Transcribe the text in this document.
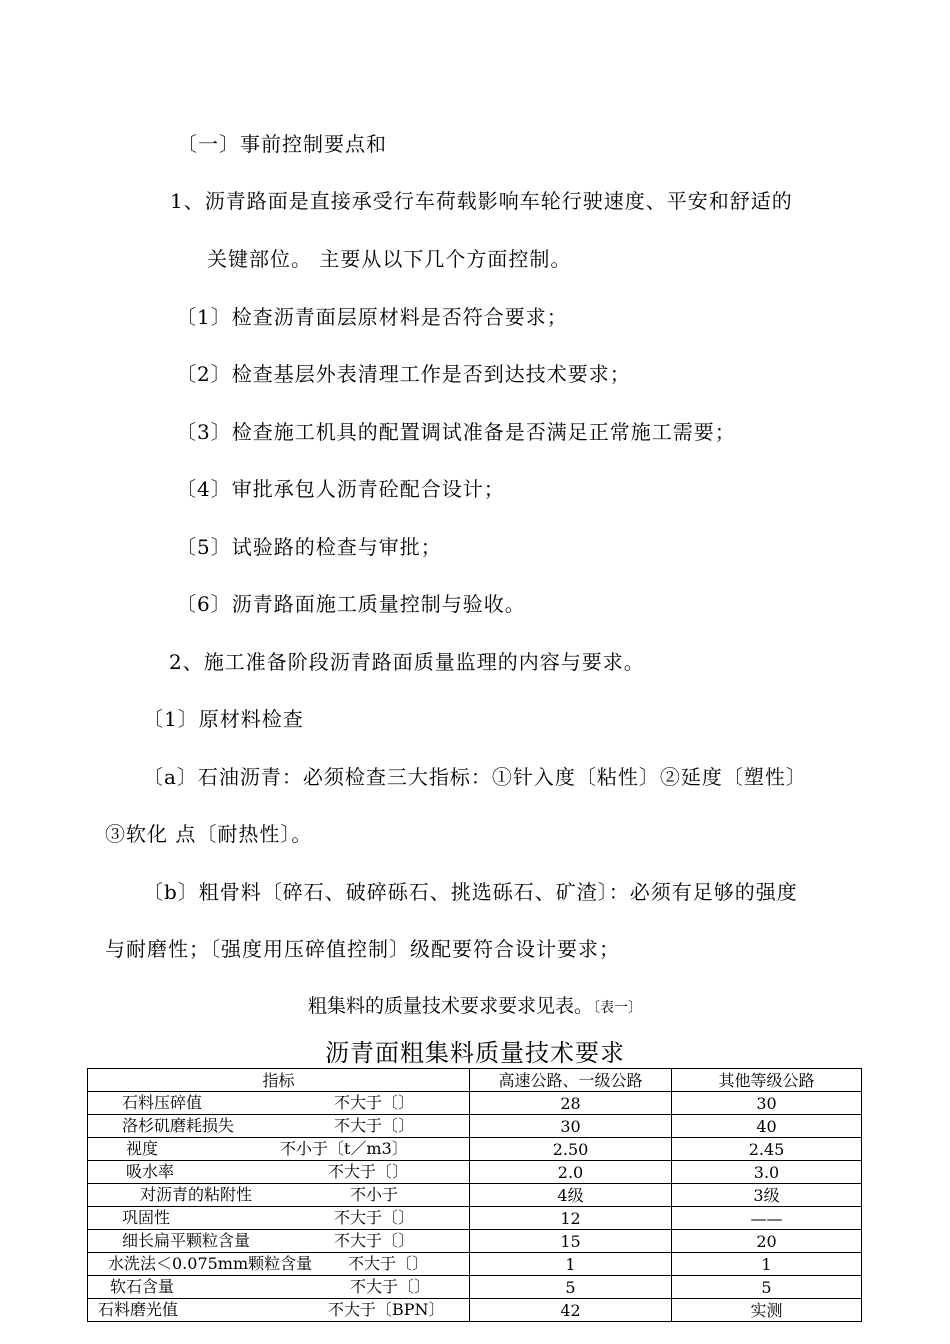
〔一〕事前控制要点和
1、沥青路面是直接承受行车荷载影响车轮行驶速度、平安和舒适的
关键部位。 主要从以下几个方面控制。
〔1〕检查沥青面层原材料是否符合要求；
〔2〕检查基层外表清理工作是否到达技术要求；
〔3〕检查施工机具的配置调试准备是否满足正常施工需要；
〔4〕审批承包人沥青砼配合设计；
〔5〕试验路的检查与审批；
〔6〕沥青路面施工质量控制与验收。
2、施工准备阶段沥青路面质量监理的内容与要求。
〔1〕原材料检查
〔a〕石油沥青：必须检查三大指标：①针入度〔粘性〕②延度〔塑性〕
③软化 点〔耐热性〕。
〔b〕粗骨料〔碎石、破碎砾石、挑选砾石、矿渣〕：必须有足够的强度
与耐磨性；〔强度用压碎值控制〕级配要符合设计要求；
粗集料的质量技术要求要求见表。〔表一〕
沥青面粗集料质量技术要求
指标	高速公路、一级公路	其他等级公路

石料压碎值 不大于〔〕	28	30

洛杉矶磨耗损失 不大于〔〕	30	40

视度 不小于〔t／m3〕	2.50	2.45

吸水率 不大于〔〕	2.0	3.0

对沥青的粘附性 不小于	4级	3级

巩固性 不大于〔〕	12	——

细长扁平颗粒含量 不大于〔〕	15	20

水洗法＜0.075mm颗粒含量 不大于〔〕	1	1

软石含量 不大于〔〕	5	5

石料磨光值 不大于〔BPN〕	42	实测
